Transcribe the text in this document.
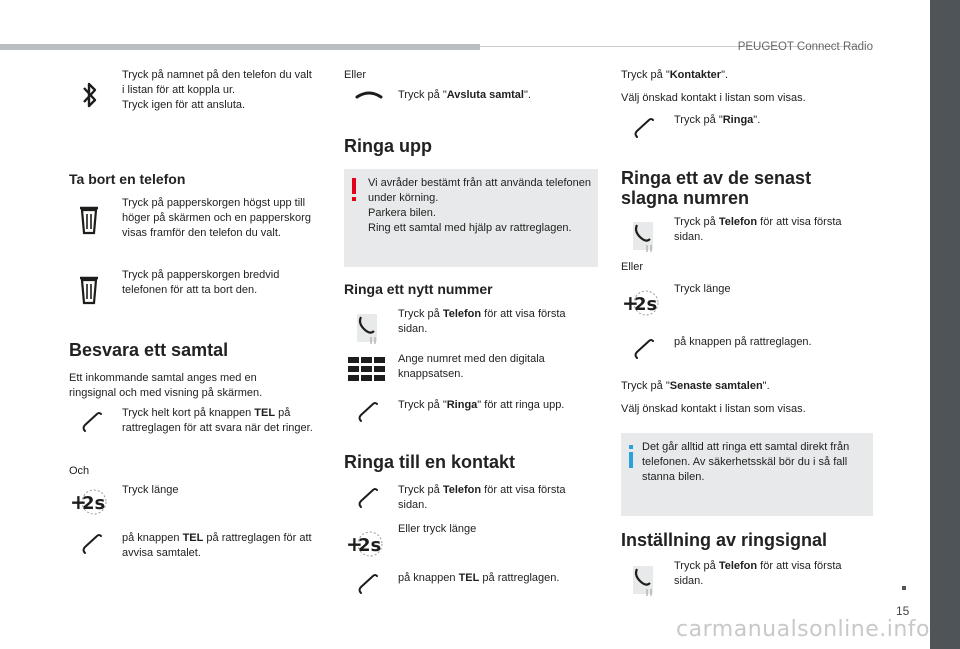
PEUGEOT Connect Radio
15
carmanualsonline.info
Tryck på namnet på den telefon du valt i listan för att koppla ur.
Tryck igen för att ansluta.
Ta bort en telefon
Tryck på papperskorgen högst upp till höger på skärmen och en papperskorg visas framför den telefon du valt.
Tryck på papperskorgen bredvid telefonen för att ta bort den.
Besvara ett samtal
Ett inkommande samtal anges med en ringsignal och med visning på skärmen.
Tryck helt kort på knappen TEL på rattreglagen för att svara när det ringer.
Och
+
2s
Tryck länge
på knappen TEL på rattreglagen för att avvisa samtalet.
Eller
Tryck på "Avsluta samtal".
Ringa upp
Vi avråder bestämt från att använda telefonen under körning.
Parkera bilen.
Ring ett samtal med hjälp av rattreglagen.
Ringa ett nytt nummer
Tryck på Telefon för att visa första sidan.
Ange numret med den digitala knappsatsen.
Tryck på "Ringa" för att ringa upp.
Ringa till en kontakt
Tryck på Telefon för att visa första sidan.
+
2s
Eller tryck länge
på knappen TEL på rattreglagen.
Tryck på "Kontakter".
Välj önskad kontakt i listan som visas.
Tryck på "Ringa".
Ringa ett av de senast
slagna numren
Tryck på Telefon för att visa första sidan.
Eller
+
2s
Tryck länge
på knappen på rattreglagen.
Tryck på "Senaste samtalen".
Välj önskad kontakt i listan som visas.
Det går alltid att ringa ett samtal direkt från telefonen. Av säkerhetsskäl bör du i så fall stanna bilen.
Inställning av ringsignal
Tryck på Telefon för att visa första sidan.
